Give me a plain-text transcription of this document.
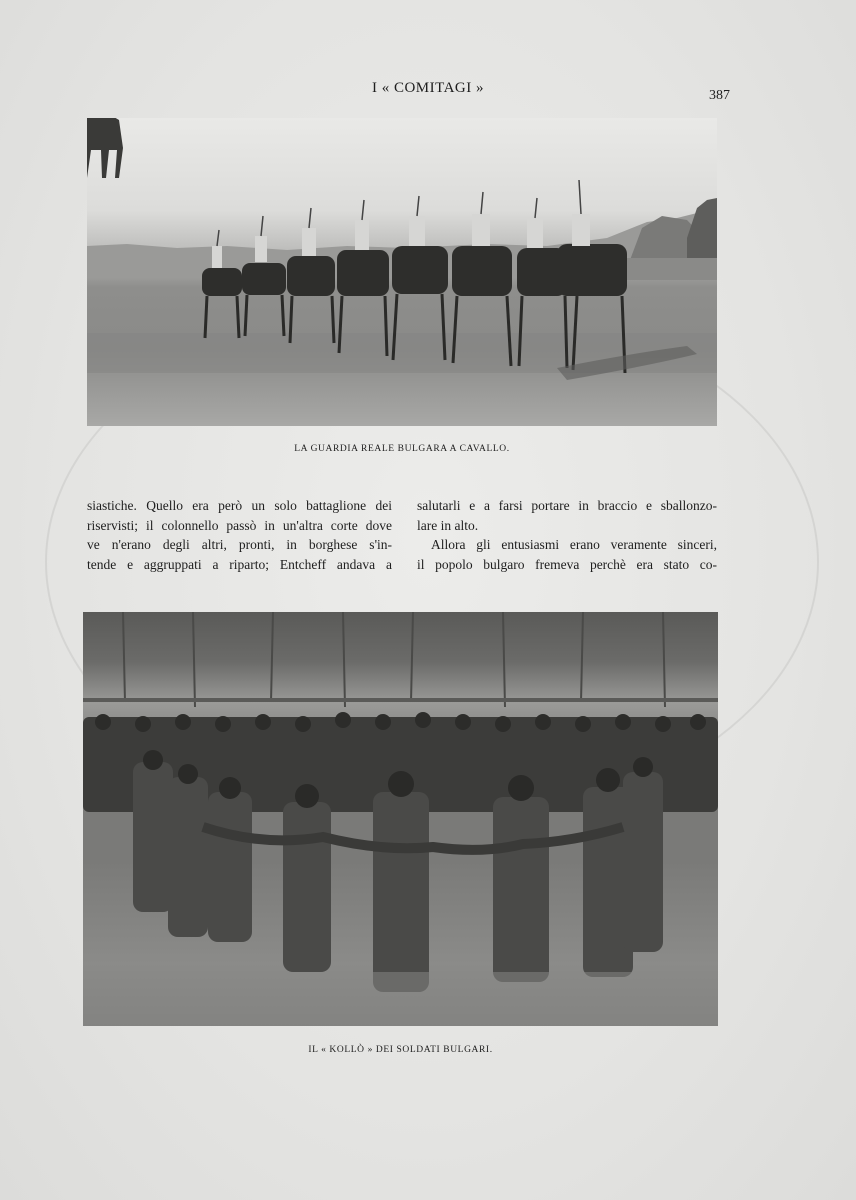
I « COMITAGI »	387
LA GUARDIA REALE BULGARA A CAVALLO.
siastiche. Quello era però un solo battaglione dei
riservisti; il colonnello passò in un'altra corte dove
ve n'erano degli altri, pronti, in borghese s'in-
tende e aggruppati a riparto; Entcheff andava a
salutarli e a farsi portare in braccio e sballonzo-
lare in alto.
Allora gli entusiasmi erano veramente sinceri,
il popolo bulgaro fremeva perchè era stato co-
IL « KOLLÒ » DEI SOLDATI BULGARI.
